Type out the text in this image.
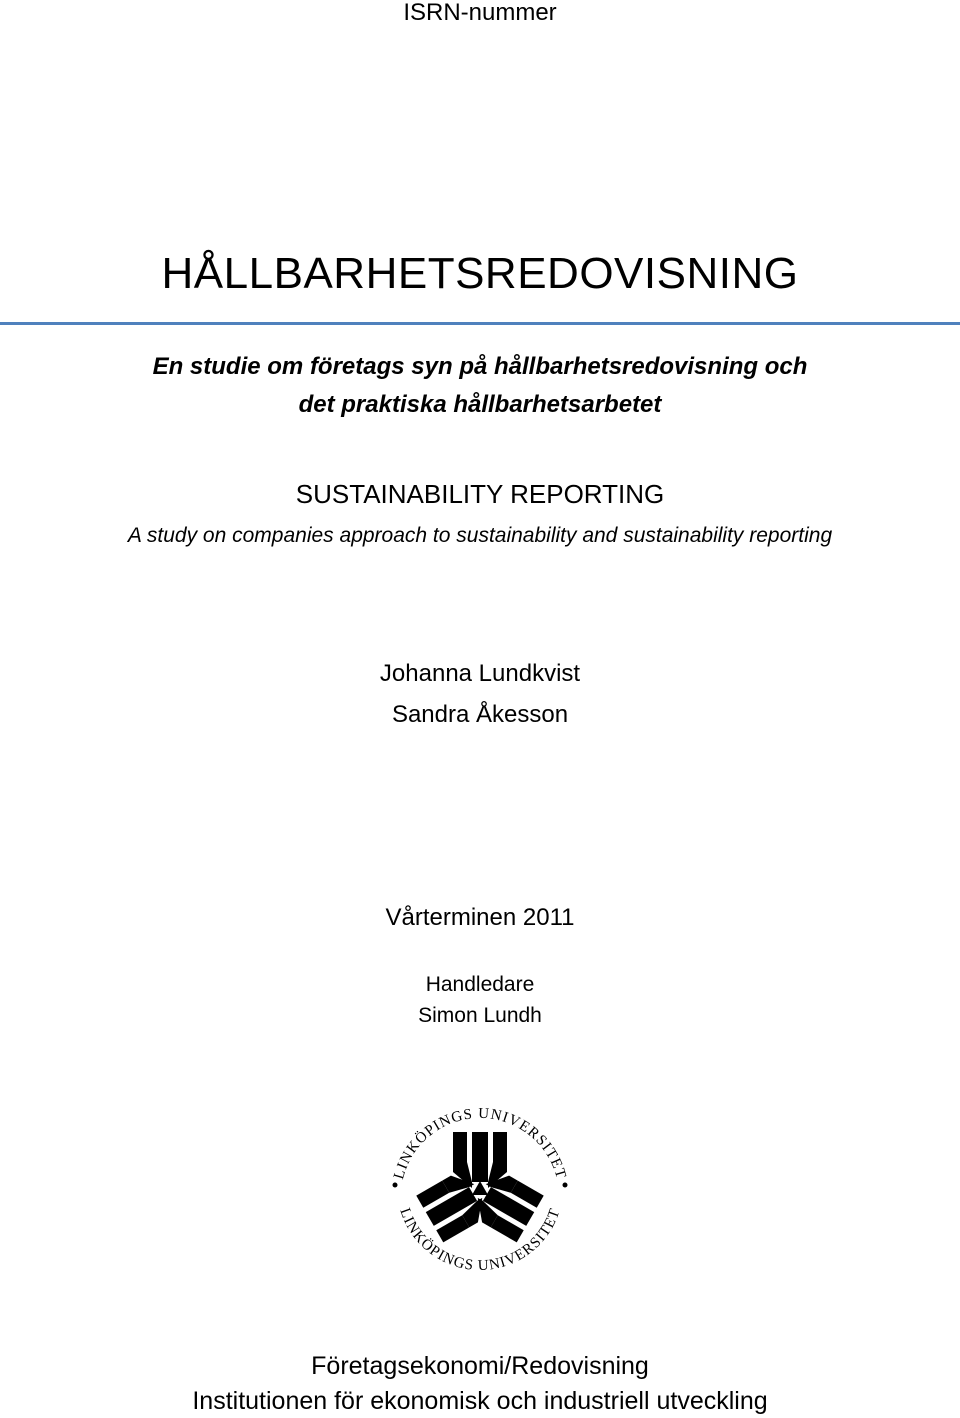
ISRN-nummer
HÅLLBARHETSREDOVISNING
En studie om företags syn på hållbarhetsredovisning och
det praktiska hållbarhetsarbetet
SUSTAINABILITY REPORTING
A study on companies approach to sustainability and sustainability reporting
Johanna Lundkvist
Sandra Åkesson
Vårterminen 2011
Handledare
Simon Lundh
LINKÖPINGS UNIVERSITET
LINKÖPINGS UNIVERSITET
Företagsekonomi/Redovisning
Institutionen för ekonomisk och industriell utveckling
